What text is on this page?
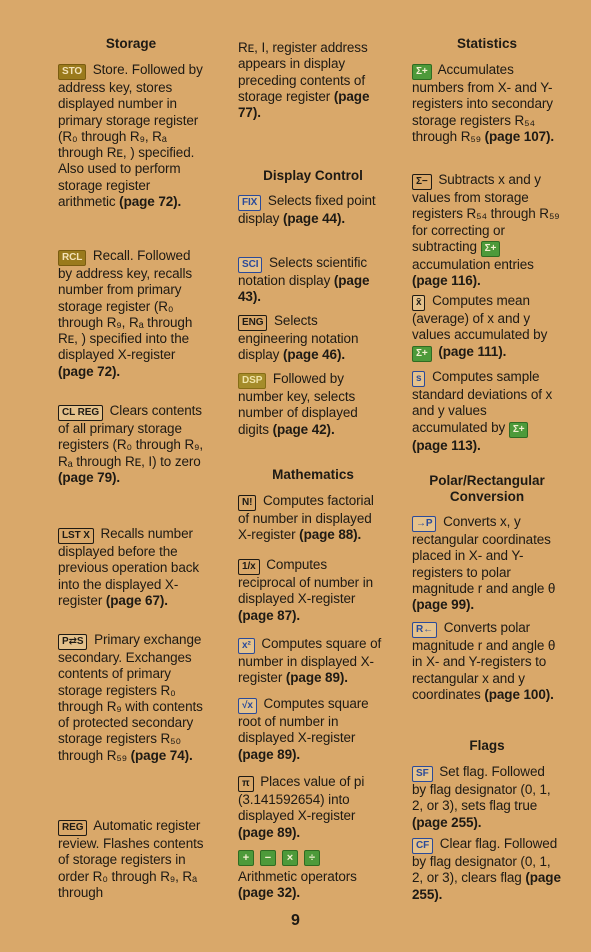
Storage

STO Store. Followed by address key, stores displayed number in primary storage register (R₀ through R₉, Rₐ through Rᴇ, ) specified. Also used to perform storage register arithmetic (page 72).

RCL Recall. Followed by address key, recalls number from primary storage register (R₀ through R₉, Rₐ through Rᴇ, ) specified into the displayed X-register (page 72).

CL REG Clears contents of all primary storage registers (R₀ through R₉, Rₐ through Rᴇ, I) to zero (page 79).

LST X Recalls number displayed before the previous operation back into the displayed X-register (page 67).

P⇄S Primary exchange secondary. Exchanges contents of primary storage registers R₀ through R₉ with contents of protected secondary storage registers R₅₀ through R₅₉ (page 74).

REG Automatic register review. Flashes contents of storage registers in order R₀ through R₉, Rₐ through

Rᴇ, I, register address appears in display preceding contents of storage register (page 77).

Display Control

FIX Selects fixed point display (page 44).

SCI Selects scientific notation display (page 43).

ENG Selects engineering notation display (page 46).

DSP Followed by number key, selects number of displayed digits (page 42).

Mathematics

N! Computes factorial of number in displayed X-register (page 88).

1/x Computes reciprocal of number in displayed X-register (page 87).

x² Computes square of number in displayed X-register (page 89).

√x Computes square root of number in displayed X-register (page 89).

π Places value of pi (3.141592654) into displayed X-register (page 89).

+	−	×	÷

Arithmetic operators (page 32).

Statistics

Σ+ Accumulates numbers from X- and Y-registers into secondary storage registers R₅₄ through R₅₉ (page 107).

Σ− Subtracts x and y values from storage registers R₅₄ through R₅₉ for correcting or subtracting Σ+ accumulation entries (page 116).

x̄ Computes mean (average) of x and y values accumulated by Σ+ (page 111).

s Computes sample standard deviations of x and y values accumulated by Σ+ (page 113).

Polar/Rectangular Conversion

→P Converts x, y rectangular coordinates placed in X- and Y-registers to polar magnitude r and angle θ (page 99).

R← Converts polar magnitude r and angle θ in X- and Y-registers to rectangular x and y coordinates (page 100).

Flags

SF Set flag. Followed by flag designator (0, 1, 2, or 3), sets flag true (page 255).

CF Clear flag. Followed by flag designator (0, 1, 2, or 3), clears flag (page 255).

9
